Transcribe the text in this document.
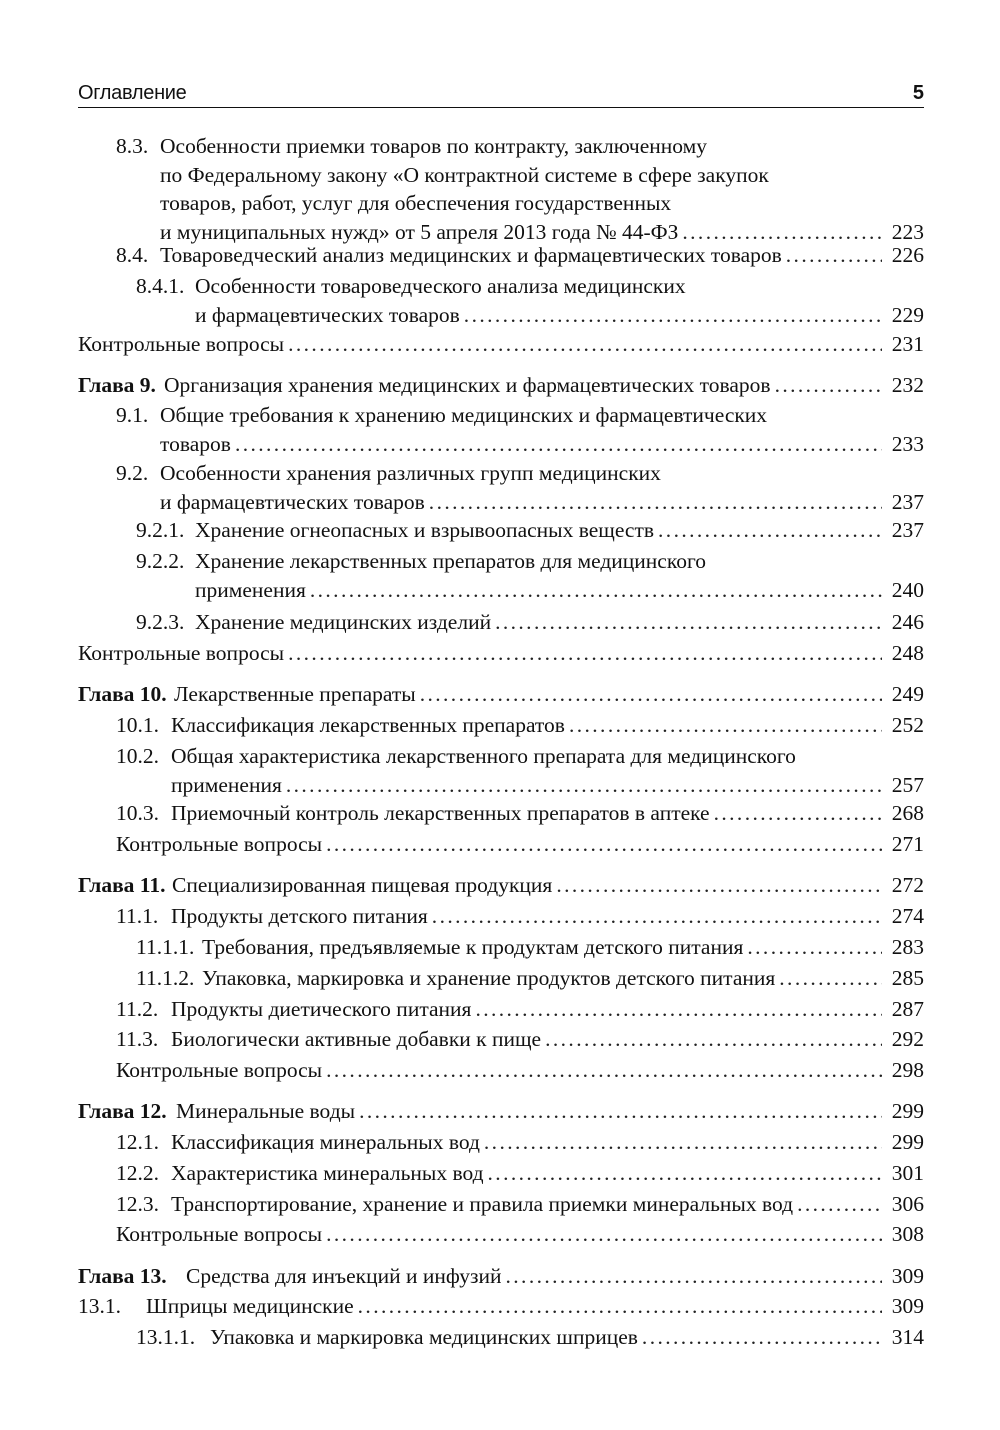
Оглавление	5
8.3. Особенности приемки товаров по контракту, заключенному
по Федеральному закону «О контрактной системе в сфере закупок
товаров, работ, услуг для обеспечения государственных
и муниципальных нужд» от 5 апреля 2013 года № 44-ФЗ .....	223
8.4. Товароведческий анализ медицинских и фармацевтических товаров .....	226
8.4.1. Особенности товароведческого анализа медицинских
и фармацевтических товаров .....	229
Контрольные вопросы .....	231
Глава 9. Организация хранения медицинских и фармацевтических товаров .....	232
9.1. Общие требования к хранению медицинских и фармацевтических
товаров .....	233
9.2. Особенности хранения различных групп медицинских
и фармацевтических товаров .....	237
9.2.1. Хранение огнеопасных и взрывоопасных веществ .....	237
9.2.2. Хранение лекарственных препаратов для медицинского
применения .....	240
9.2.3. Хранение медицинских изделий .....	246
Контрольные вопросы .....	248
Глава 10. Лекарственные препараты .....	249
10.1. Классификация лекарственных препаратов .....	252
10.2. Общая характеристика лекарственного препарата для медицинского
применения .....	257
10.3. Приемочный контроль лекарственных препаратов в аптеке .....	268
Контрольные вопросы .....	271
Глава 11. Специализированная пищевая продукция .....	272
11.1. Продукты детского питания .....	274
11.1.1. Требования, предъявляемые к продуктам детского питания .....	283
11.1.2. Упаковка, маркировка и хранение продуктов детского питания .....	285
11.2. Продукты диетического питания .....	287
11.3. Биологически активные добавки к пище .....	292
Контрольные вопросы .....	298
Глава 12. Минеральные воды .....	299
12.1. Классификация минеральных вод .....	299
12.2. Характеристика минеральных вод .....	301
12.3. Транспортирование, хранение и правила приемки минеральных вод .....	306
Контрольные вопросы .....	308
Глава 13. Средства для инъекций и инфузий .....	309
13.1. Шприцы медицинские .....	309
13.1.1. Упаковка и маркировка медицинских шприцев .....	314
